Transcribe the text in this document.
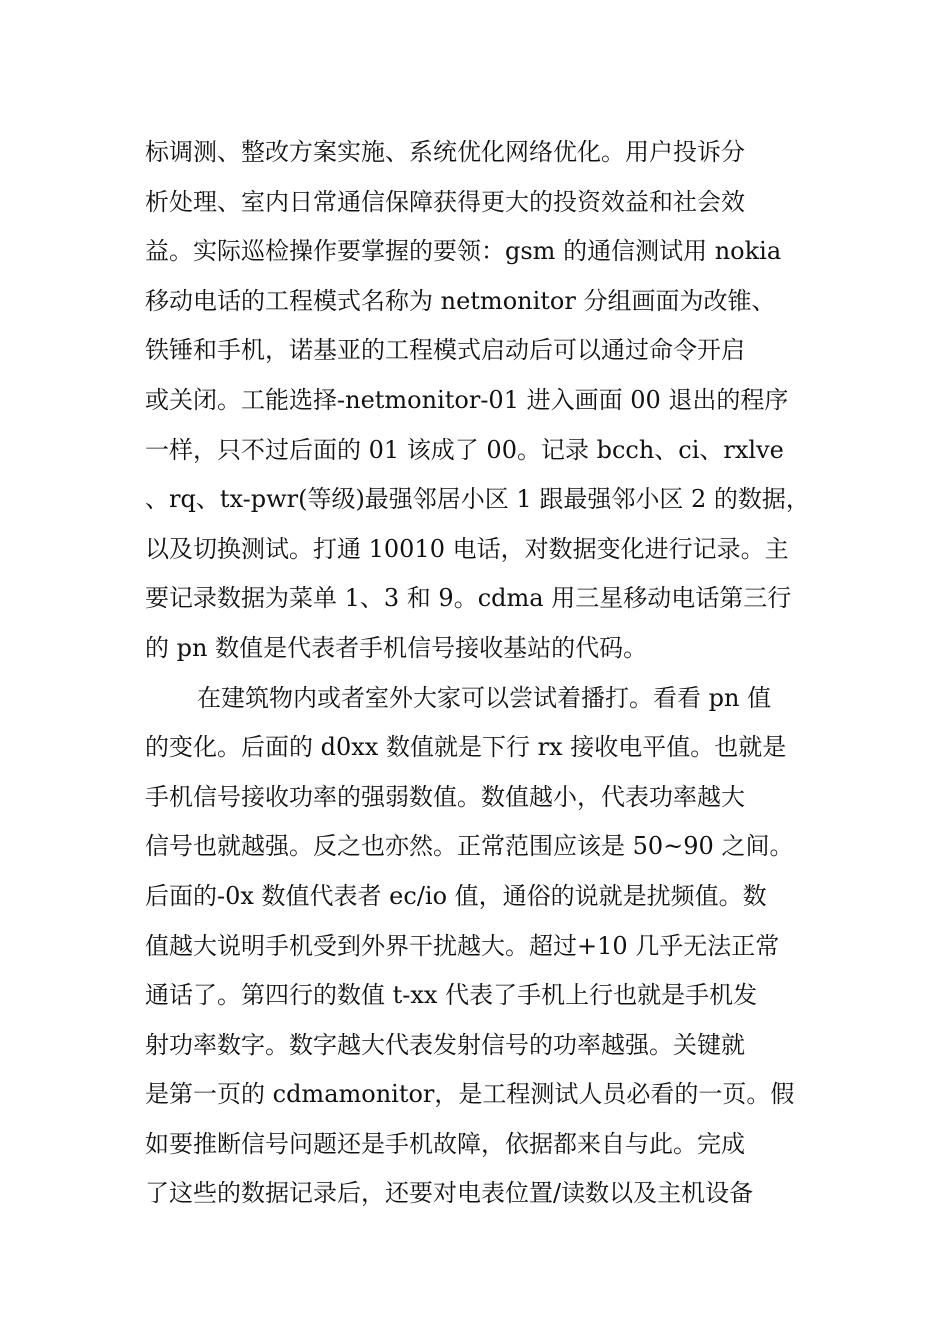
标调测、整改方案实施、系统优化网络优化。用户投诉分
析处理、室内日常通信保障获得更大的投资效益和社会效
益。实际巡检操作要掌握的要领：gsm 的通信测试用 nokia
移动电话的工程模式名称为 netmonitor 分组画面为改锥、
铁锤和手机，诺基亚的工程模式启动后可以通过命令开启
或关闭。工能选择-netmonitor-01 进入画面 00 退出的程序
一样，只不过后面的 01 该成了 00。记录 bcch、ci、rxlve
、rq、tx-pwr(等级)最强邻居小区 1 跟最强邻小区 2 的数据，
以及切换测试。打通 10010 电话，对数据变化进行记录。主
要记录数据为菜单 1、3 和 9。cdma 用三星移动电话第三行
的 pn 数值是代表者手机信号接收基站的代码。

在建筑物内或者室外大家可以尝试着播打。看看 pn 值
的变化。后面的 d0xx 数值就是下行 rx 接收电平值。也就是
手机信号接收功率的强弱数值。数值越小，代表功率越大
信号也就越强。反之也亦然。正常范围应该是 50~90 之间。
后面的-0x 数值代表者 ec/io 值，通俗的说就是扰频值。数
值越大说明手机受到外界干扰越大。超过+10 几乎无法正常
通话了。第四行的数值 t-xx 代表了手机上行也就是手机发
射功率数字。数字越大代表发射信号的功率越强。关键就
是第一页的 cdmamonitor，是工程测试人员必看的一页。假
如要推断信号问题还是手机故障，依据都来自与此。完成
了这些的数据记录后，还要对电表位置/读数以及主机设备
